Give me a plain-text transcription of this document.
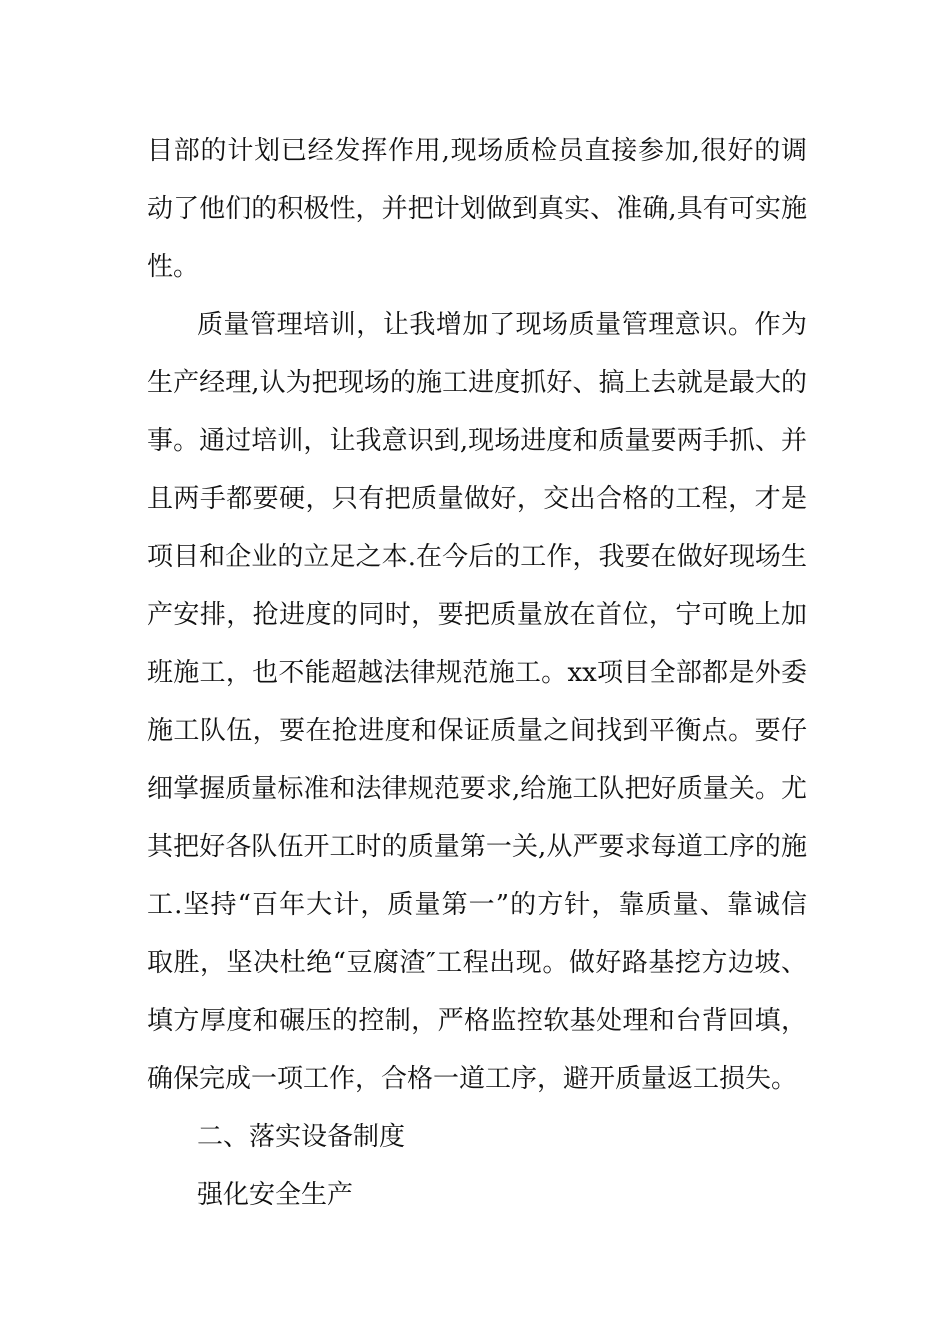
目部的计划已经发挥作用,现场质检员直接参加,很好的调
动了他们的积极性，并把计划做到真实、准确,具有可实施
性。
质量管理培训，让我增加了现场质量管理意识。作为
生产经理,认为把现场的施工进度抓好、搞上去就是最大的
事。通过培训，让我意识到,现场进度和质量要两手抓、并
且两手都要硬，只有把质量做好，交出合格的工程，才是
项目和企业的立足之本.在今后的工作，我要在做好现场生
产安排，抢进度的同时，要把质量放在首位，宁可晚上加
班施工，也不能超越法律规范施工。xx项目全部都是外委
施工队伍，要在抢进度和保证质量之间找到平衡点。要仔
细掌握质量标准和法律规范要求,给施工队把好质量关。尤
其把好各队伍开工时的质量第一关,从严要求每道工序的施
工.坚持“百年大计，质量第一”的方针，靠质量、靠诚信
取胜，坚决杜绝“豆腐渣″工程出现。做好路基挖方边坡、
填方厚度和碾压的控制，严格监控软基处理和台背回填，
确保完成一项工作，合格一道工序，避开质量返工损失。
二、落实设备制度
强化安全生产
